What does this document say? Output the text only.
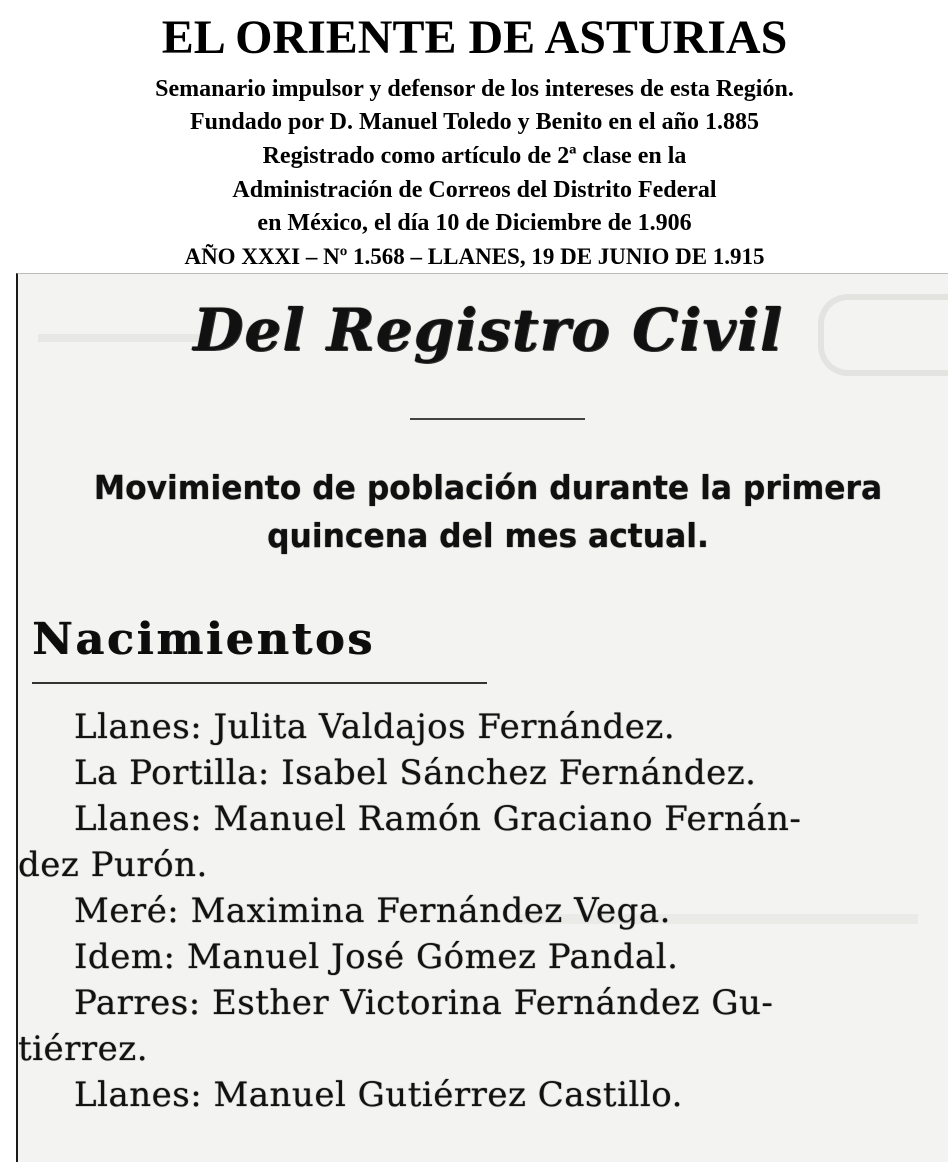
EL ORIENTE DE ASTURIAS
Semanario impulsor y defensor de los intereses de esta Región.
Fundado por D. Manuel Toledo y Benito en el año 1.885
Registrado como artículo de 2ª clase en la
Administración de Correos del Distrito Federal
en México, el día 10 de Diciembre de 1.906
AÑO XXXI – Nº 1.568 – LLANES, 19 DE JUNIO DE 1.915
Del Registro Civil
Movimiento de población durante la primera
quincena del mes actual.
Nacimientos
Llanes: Julita Valdajos Fernández.
La Portilla: Isabel Sánchez Fernández.
Llanes: Manuel Ramón Graciano Fernán-
dez Purón.
Meré: Maximina Fernández Vega.
Idem: Manuel José Gómez Pandal.
Parres: Esther Victorina Fernández Gu-
tiérrez.
Llanes: Manuel Gutiérrez Castillo.
